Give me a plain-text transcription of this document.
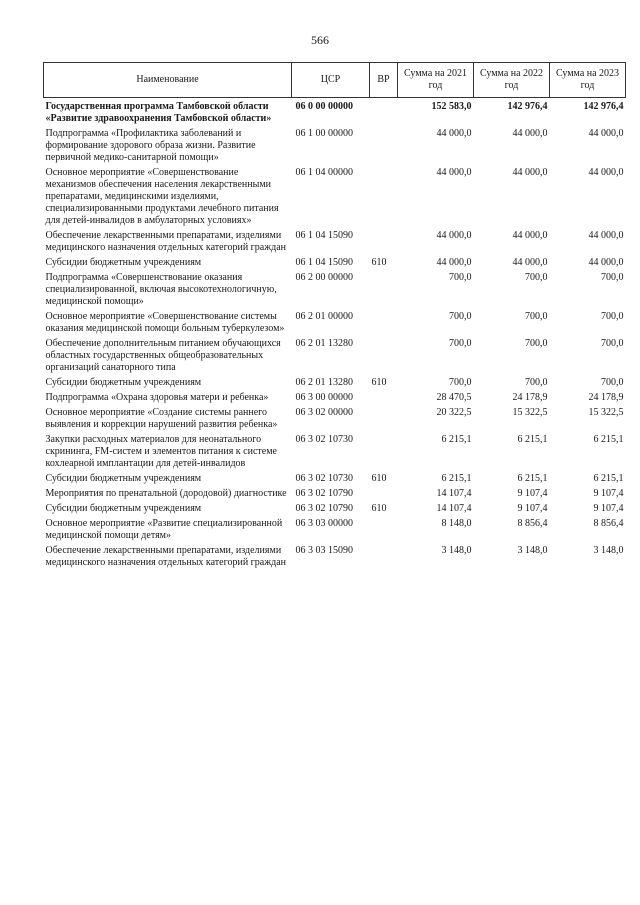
566
Наименование	ЦСР	ВР	Сумма на 2021 год	Сумма на 2022 год	Сумма на 2023 год
Государственная программа Тамбовской области «Развитие здравоохранения Тамбовской области»	06 0 00 00000		152 583,0	142 976,4	142 976,4
Подпрограмма «Профилактика заболеваний и формирование здорового образа жизни. Развитие первичной медико-санитарной помощи»	06 1 00 00000		44 000,0	44 000,0	44 000,0
Основное мероприятие «Совершенствование механизмов обеспечения населения лекарственными препаратами, медицинскими изделиями, специализированными продуктами лечебного питания для детей-инвалидов в амбулаторных условиях»	06 1 04 00000		44 000,0	44 000,0	44 000,0
Обеспечение лекарственными препаратами, изделиями медицинского назначения отдельных категорий граждан	06 1 04 15090		44 000,0	44 000,0	44 000,0
Субсидии бюджетным учреждениям	06 1 04 15090	610	44 000,0	44 000,0	44 000,0
Подпрограмма «Совершенствование оказания специализированной, включая высокотехнологичную, медицинской помощи»	06 2 00 00000		700,0	700,0	700,0
Основное мероприятие «Совершенствование системы оказания медицинской помощи больным туберкулезом»	06 2 01 00000		700,0	700,0	700,0
Обеспечение дополнительным питанием обучающихся областных государственных общеобразовательных организаций санаторного типа	06 2 01 13280		700,0	700,0	700,0
Субсидии бюджетным учреждениям	06 2 01 13280	610	700,0	700,0	700,0
Подпрограмма «Охрана здоровья матери и ребенка»	06 3 00 00000		28 470,5	24 178,9	24 178,9
Основное мероприятие «Создание системы раннего выявления и коррекции нарушений развития ребенка»	06 3 02 00000		20 322,5	15 322,5	15 322,5
Закупки расходных материалов для неонатального скрининга, FM-систем и элементов питания к системе кохлеарной имплантации для детей-инвалидов	06 3 02 10730		6 215,1	6 215,1	6 215,1
Субсидии бюджетным учреждениям	06 3 02 10730	610	6 215,1	6 215,1	6 215,1
Мероприятия по пренатальной (дородовой) диагностике	06 3 02 10790		14 107,4	9 107,4	9 107,4
Субсидии бюджетным учреждениям	06 3 02 10790	610	14 107,4	9 107,4	9 107,4
Основное мероприятие «Развитие специализированной медицинской помощи детям»	06 3 03 00000		8 148,0	8 856,4	8 856,4
Обеспечение лекарственными препаратами, изделиями медицинского назначения отдельных категорий граждан	06 3 03 15090		3 148,0	3 148,0	3 148,0
